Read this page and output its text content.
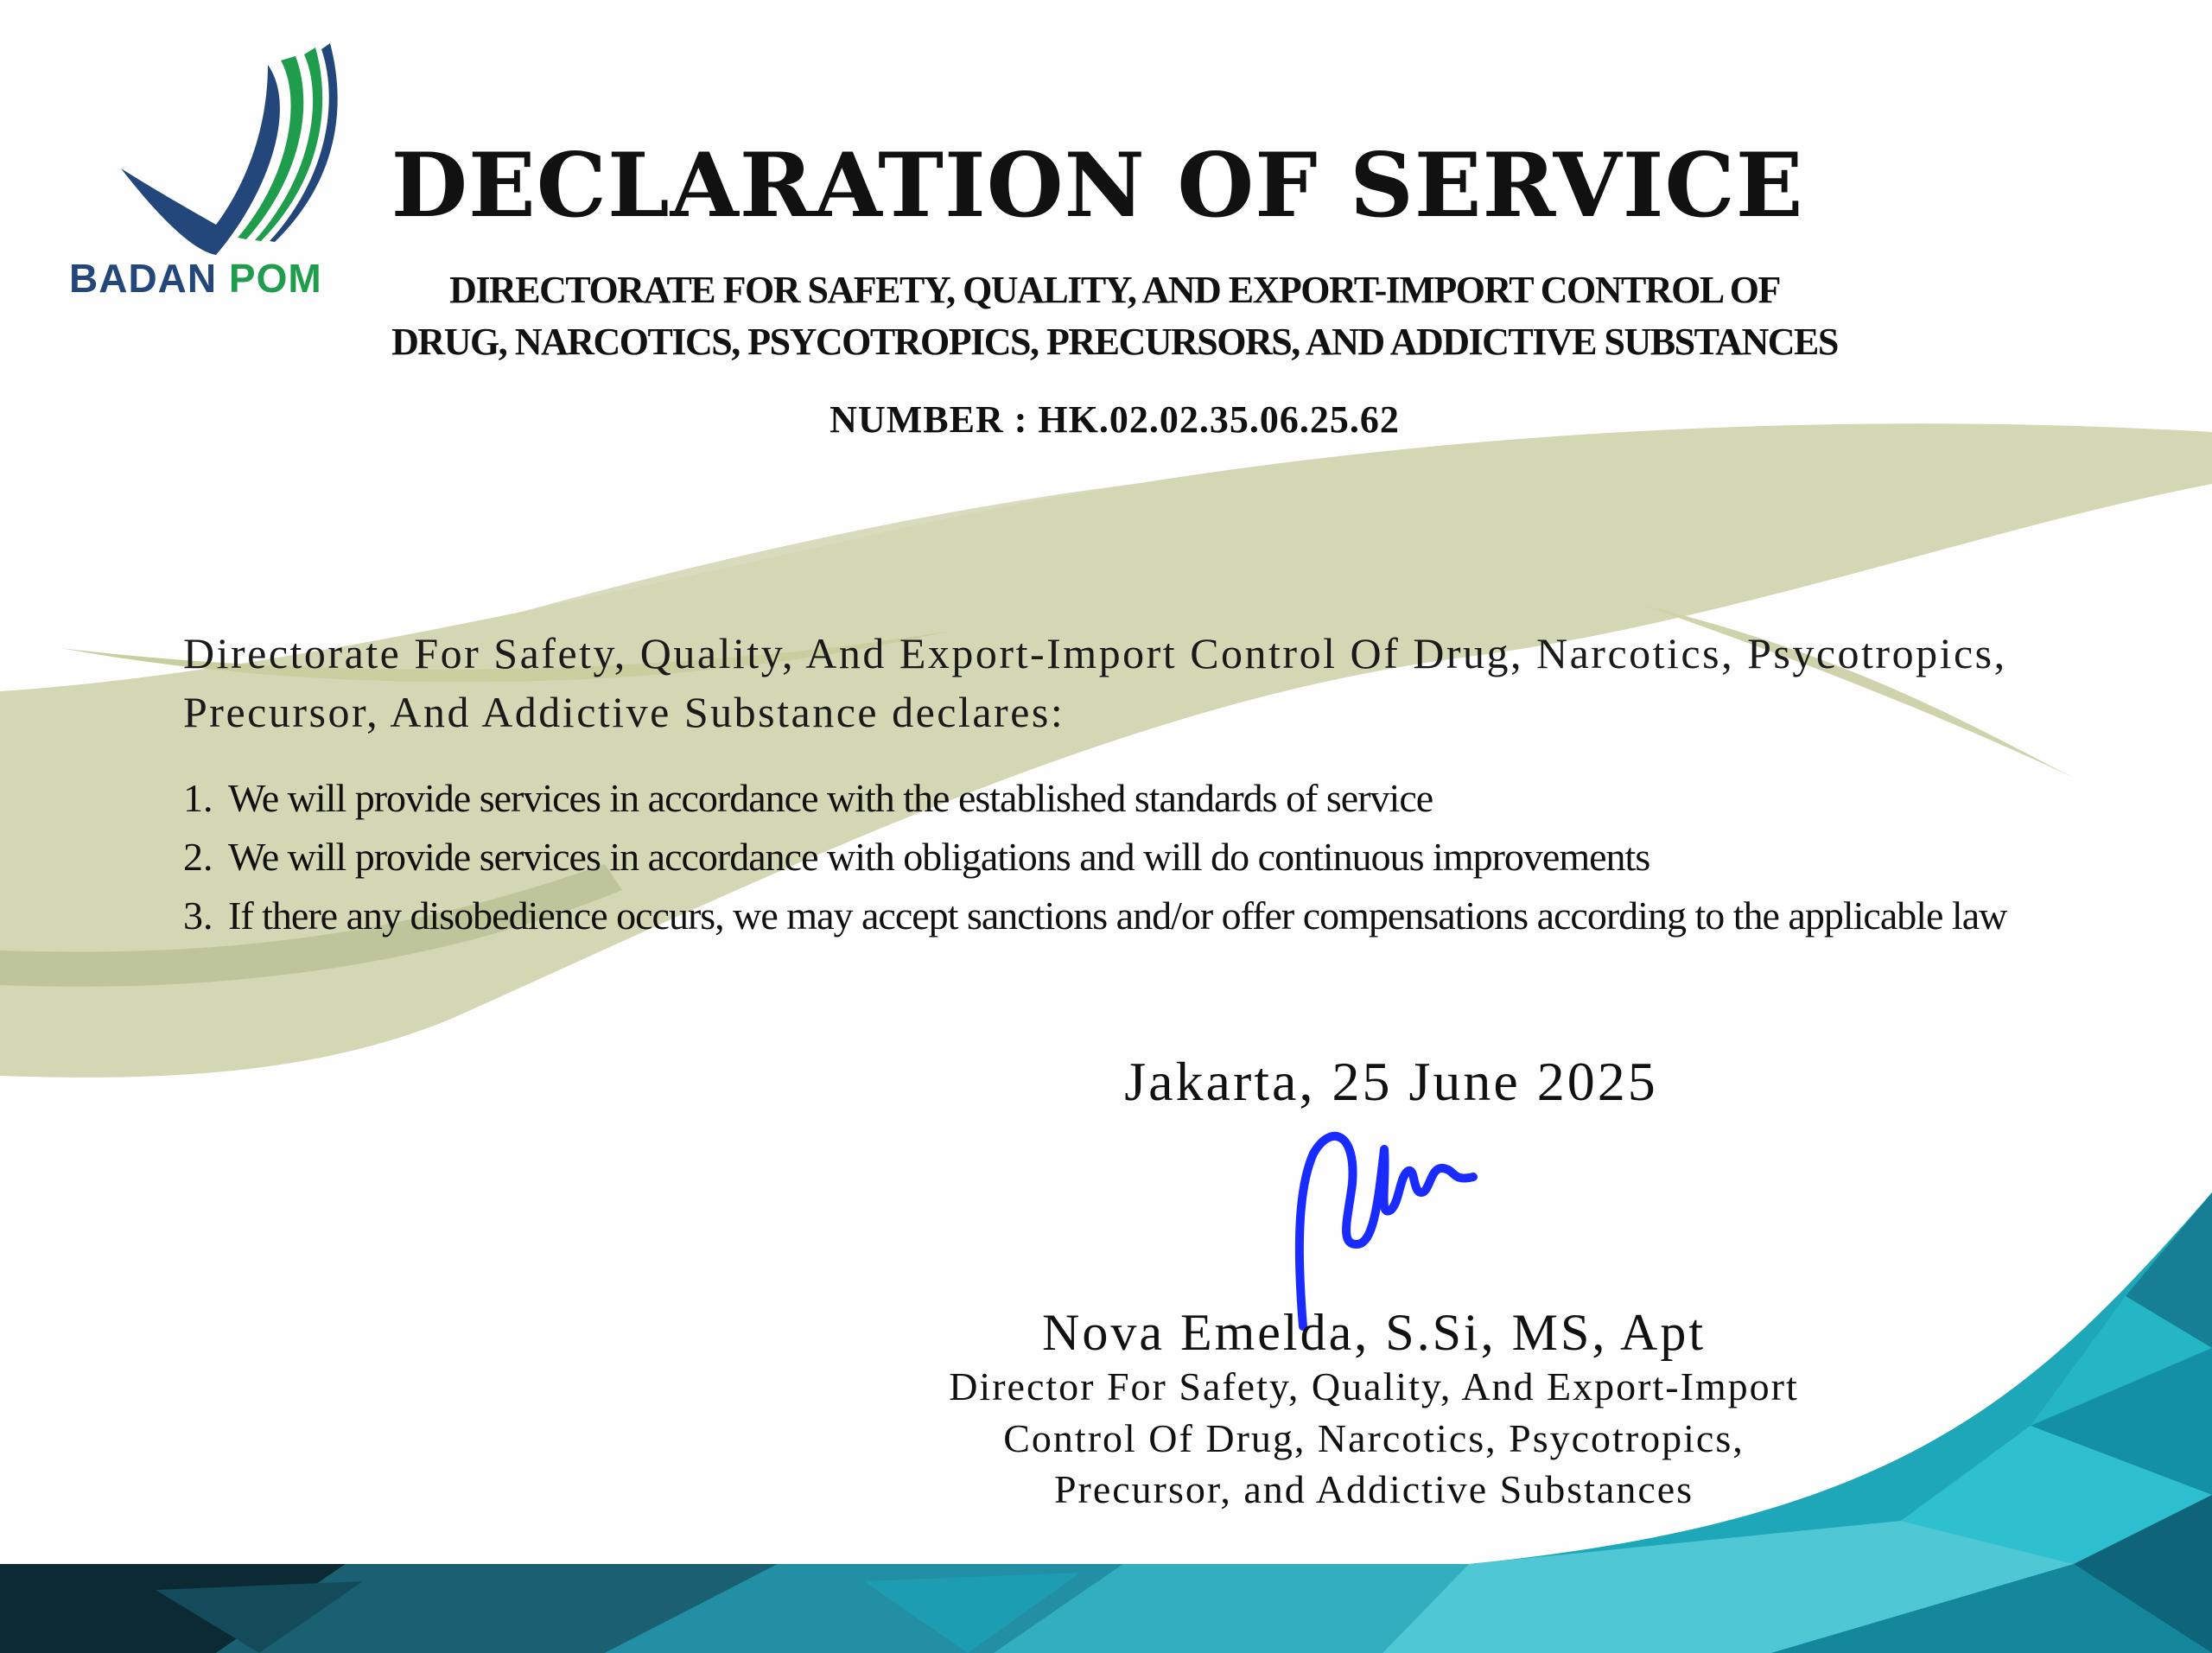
BADAN POM
DECLARATION OF SERVICE
DIRECTORATE FOR SAFETY, QUALITY, AND EXPORT-IMPORT CONTROL OF
DRUG, NARCOTICS, PSYCOTROPICS, PRECURSORS, AND ADDICTIVE SUBSTANCES
NUMBER : HK.02.02.35.06.25.62

Directorate For Safety, Quality, And Export-Import Control Of Drug, Narcotics, Psycotropics, Precursor, And Addictive Substance declares:

1. We will provide services in accordance with the established standards of service
2. We will provide services in accordance with obligations and will do continuous improvements
3. If there any disobedience occurs, we may accept sanctions and/or offer compensations according to the applicable law
Jakarta, 25 June 2025
Nova Emelda, S.Si, MS, Apt
Director For Safety, Quality, And Export-Import
Control Of Drug, Narcotics, Psycotropics,
Precursor, and Addictive Substances
